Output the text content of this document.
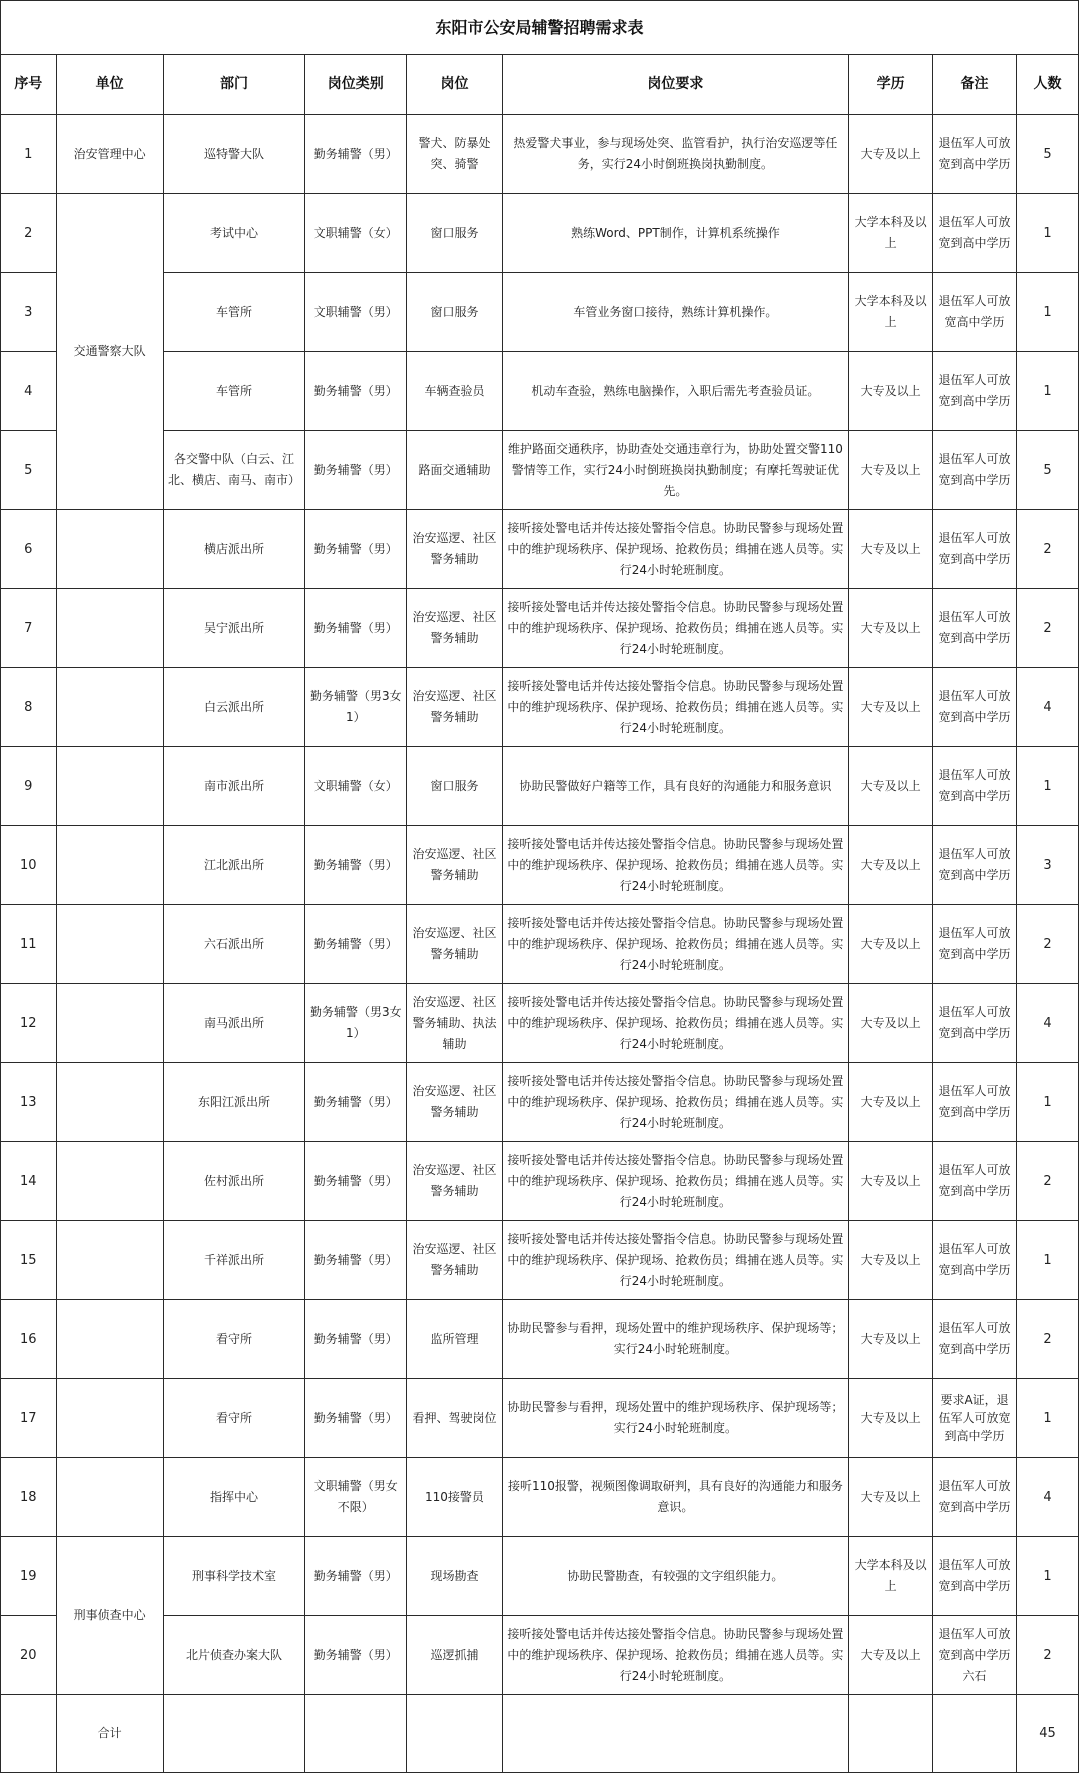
东阳市公安局辅警招聘需求表								
序号	单位	部门	岗位类别	岗位	岗位要求	学历	备注	人数
1	治安管理中心	巡特警大队	勤务辅警（男）	警犬、防暴处突、骑警	热爱警犬事业，参与现场处突、监管看护，执行治安巡逻等任务，实行24小时倒班换岗执勤制度。	大专及以上	退伍军人可放宽到高中学历	5
2	交通警察大队	考试中心	文职辅警（女）	窗口服务	熟练Word、PPT制作，计算机系统操作	大学本科及以上	退伍军人可放宽到高中学历	1
3		车管所	文职辅警（男）	窗口服务	车管业务窗口接待，熟练计算机操作。	大学本科及以上	退伍军人可放宽高中学历	1
4		车管所	勤务辅警（男）	车辆查验员	机动车查验，熟练电脑操作，入职后需先考查验员证。	大专及以上	退伍军人可放宽到高中学历	1
5		各交警中队（白云、江北、横店、南马、南市）	勤务辅警（男）	路面交通辅助	维护路面交通秩序，协助查处交通违章行为，协助处置交警110警情等工作，实行24小时倒班换岗执勤制度；有摩托驾驶证优先。	大专及以上	退伍军人可放宽到高中学历	5
6		横店派出所	勤务辅警（男）	治安巡逻、社区警务辅助	接听接处警电话并传达接处警指令信息。协助民警参与现场处置中的维护现场秩序、保护现场、抢救伤员；缉捕在逃人员等。实行24小时轮班制度。	大专及以上	退伍军人可放宽到高中学历	2
7		吴宁派出所	勤务辅警（男）	治安巡逻、社区警务辅助	接听接处警电话并传达接处警指令信息。协助民警参与现场处置中的维护现场秩序、保护现场、抢救伤员；缉捕在逃人员等。实行24小时轮班制度。	大专及以上	退伍军人可放宽到高中学历	2
8		白云派出所	勤务辅警（男3女1）	治安巡逻、社区警务辅助	接听接处警电话并传达接处警指令信息。协助民警参与现场处置中的维护现场秩序、保护现场、抢救伤员；缉捕在逃人员等。实行24小时轮班制度。	大专及以上	退伍军人可放宽到高中学历	4
9		南市派出所	文职辅警（女）	窗口服务	协助民警做好户籍等工作，具有良好的沟通能力和服务意识	大专及以上	退伍军人可放宽到高中学历	1
10		江北派出所	勤务辅警（男）	治安巡逻、社区警务辅助	接听接处警电话并传达接处警指令信息。协助民警参与现场处置中的维护现场秩序、保护现场、抢救伤员；缉捕在逃人员等。实行24小时轮班制度。	大专及以上	退伍军人可放宽到高中学历	3
11		六石派出所	勤务辅警（男）	治安巡逻、社区警务辅助	接听接处警电话并传达接处警指令信息。协助民警参与现场处置中的维护现场秩序、保护现场、抢救伤员；缉捕在逃人员等。实行24小时轮班制度。	大专及以上	退伍军人可放宽到高中学历	2
12		南马派出所	勤务辅警（男3女1）	治安巡逻、社区警务辅助、执法辅助	接听接处警电话并传达接处警指令信息。协助民警参与现场处置中的维护现场秩序、保护现场、抢救伤员；缉捕在逃人员等。实行24小时轮班制度。	大专及以上	退伍军人可放宽到高中学历	4
13		东阳江派出所	勤务辅警（男）	治安巡逻、社区警务辅助	接听接处警电话并传达接处警指令信息。协助民警参与现场处置中的维护现场秩序、保护现场、抢救伤员；缉捕在逃人员等。实行24小时轮班制度。	大专及以上	退伍军人可放宽到高中学历	1
14		佐村派出所	勤务辅警（男）	治安巡逻、社区警务辅助	接听接处警电话并传达接处警指令信息。协助民警参与现场处置中的维护现场秩序、保护现场、抢救伤员；缉捕在逃人员等。实行24小时轮班制度。	大专及以上	退伍军人可放宽到高中学历	2
15		千祥派出所	勤务辅警（男）	治安巡逻、社区警务辅助	接听接处警电话并传达接处警指令信息。协助民警参与现场处置中的维护现场秩序、保护现场、抢救伤员；缉捕在逃人员等。实行24小时轮班制度。	大专及以上	退伍军人可放宽到高中学历	1
16		看守所	勤务辅警（男）	监所管理	协助民警参与看押，现场处置中的维护现场秩序、保护现场等；实行24小时轮班制度。	大专及以上	退伍军人可放宽到高中学历	2
17		看守所	勤务辅警（男）	看押、驾驶岗位	协助民警参与看押，现场处置中的维护现场秩序、保护现场等；实行24小时轮班制度。	大专及以上	要求A证，退伍军人可放宽到高中学历	1
18		指挥中心	文职辅警（男女不限）	110接警员	接听110报警，视频图像调取研判，具有良好的沟通能力和服务意识。	大专及以上	退伍军人可放宽到高中学历	4
19	刑事侦查中心	刑事科学技术室	勤务辅警（男）	现场勘查	协助民警勘查，有较强的文字组织能力。	大学本科及以上	退伍军人可放宽到高中学历	1
20		北片侦查办案大队	勤务辅警（男）	巡逻抓捕	接听接处警电话并传达接处警指令信息。协助民警参与现场处置中的维护现场秩序、保护现场、抢救伤员；缉捕在逃人员等。实行24小时轮班制度。	大专及以上	退伍军人可放宽到高中学历六石	2
	合计							45
